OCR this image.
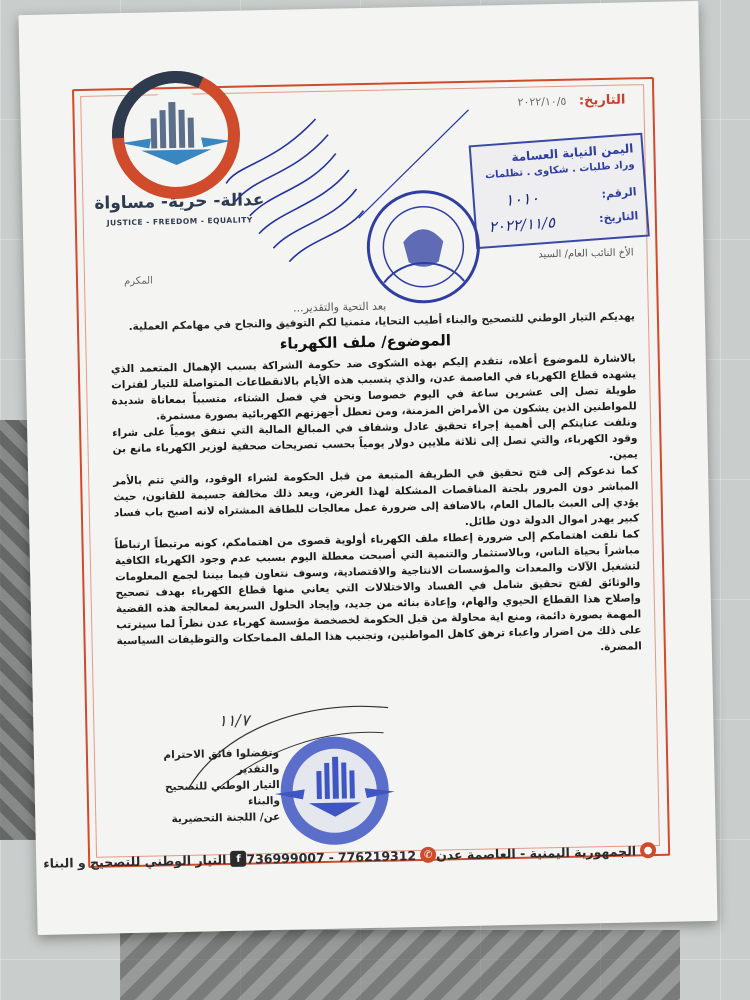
عدالة- حرية- مساواة
JUSTICE - FREEDOM - EQUALITY
التاريخ: ٢٠٢٢/١٠/٥
اليمن النيابة العسامة
وراد طلبات . شكاوى . تظلمات
الرقم:
١٠١٠
التاريخ:
٢٠٢٢/١١/٥
الأخ النائب العام/ السيد
المكرم
بعد التحية والتقدير...
يهديكم التيار الوطني للتصحيح والبناء أطيب التحايا، متمنيا لكم التوفيق والنجاح في مهامكم العملية.
الموضوع/ ملف الكهرباء

بالاشارة للموضوع أعلاه، نتقدم إليكم بهذه الشكوى ضد حكومة الشراكة بسبب الإهمال المتعمد الذي يشهده قطاع الكهرباء في العاصمة عدن، والذي يتسبب هذه الأيام بالانقطاعات المتواصلة للتيار لفترات طويلة تصل إلى عشرين ساعة في اليوم خصوصا ونحن في فصل الشتاء، متسبباً بمعاناة شديدة للمواطنين الذين يشكون من الأمراض المزمنة، ومن تعطل أجهزتهم الكهربائية بصورة مستمرة.

ونلفت عنايتكم إلى أهمية إجراء تحقيق عادل وشفاف في المبالغ المالية التي تنفق يومياً على شراء وقود الكهرباء، والتي تصل إلى ثلاثة ملايين دولار يومياً بحسب تصريحات صحفية لوزير الكهرباء مانع بن يمين.

كما ندعوكم إلى فتح تحقيق في الطريقة المتبعة من قبل الحكومة لشراء الوقود، والتي تتم بالأمر المباشر دون المرور بلجنة المناقصات المشكلة لهذا الغرض، ويعد ذلك مخالفة جسيمة للقانون، حيث يؤدي إلى العبث بالمال العام، بالاضافة إلى ضرورة عمل معالجات للطاقة المشتراه لانه اصبح باب فساد كبير يهدر اموال الدولة دون طائل.

كما نلفت اهتمامكم إلى ضرورة إعطاء ملف الكهرباء أولوية قصوى من اهتمامكم، كونه مرتبطاً ارتباطاً مباشراً بحياة الناس، وبالاستثمار والتنمية التي أصبحت معطلة اليوم بسبب عدم وجود الكهرباء الكافية لتشغيل الآلات والمعدات والمؤسسات الانتاجية والاقتصادية، وسوف نتعاون فيما بيننا لجمع المعلومات والوثائق لفتح تحقيق شامل في الفساد والاختلالات التي يعاني منها قطاع الكهرباء بهدف تصحيح وإصلاح هذا القطاع الحيوي والهام، وإعادة بنائه من جديد، وإيجاد الحلول السريعة لمعالجة هذه القضية المهمة بصورة دائمة، ومنع اية محاولة من قبل الحكومة لخصخصة مؤسسة كهرباء عدن نظراً لما سيترتب على ذلك من اضرار واعباء ترهق كاهل المواطنين، وتجنيب هذا الملف المماحكات والتوظيفات السياسية المضرة.

١١/٧
وتفضلوا فائق الاحترام والتقدير
التيار الوطني للتصحيح والبناء
عن/ اللجنة التحضيرية
●
الجمهورية اليمنية - العاصمة عدن
✆
776219312
-
736999007
f
التيار الوطني للتصحيح و البناء
